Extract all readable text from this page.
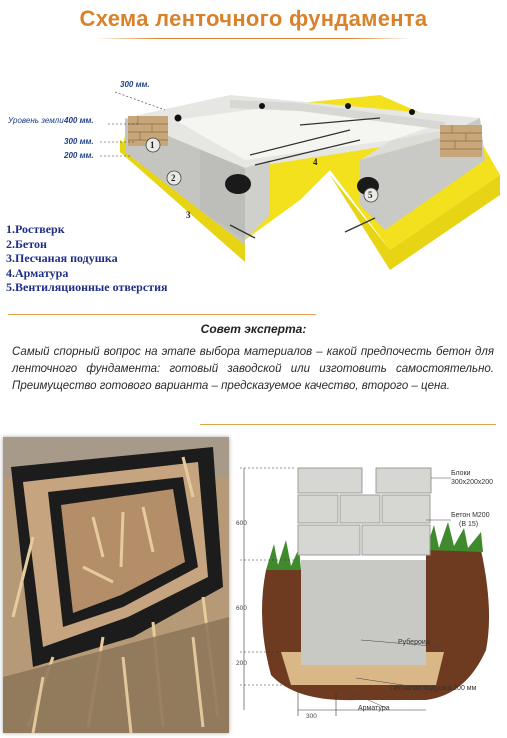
Схема ленточного фундамента
1
2
3
4
5
300 мм.
Уровень земли 400 мм.
300 мм.
200 мм.
1.Ростверк
2.Бетон
3.Песчаная подушка
4.Арматура
5.Вентиляционные отверстия
Совет эксперта:
Самый спорный вопрос на этапе выбора материалов – какой предпочесть бетон для ленточного фундамента: готовый заводской или изготовить самостоятельно. Преимущество готового варианта – предсказуемое качество, второго – цена.
Блоки
300х200х200
Бетон М200
(В 15)
Рубероид
Песчаная подушка 200 мм
Арматура
600
600
200
300
